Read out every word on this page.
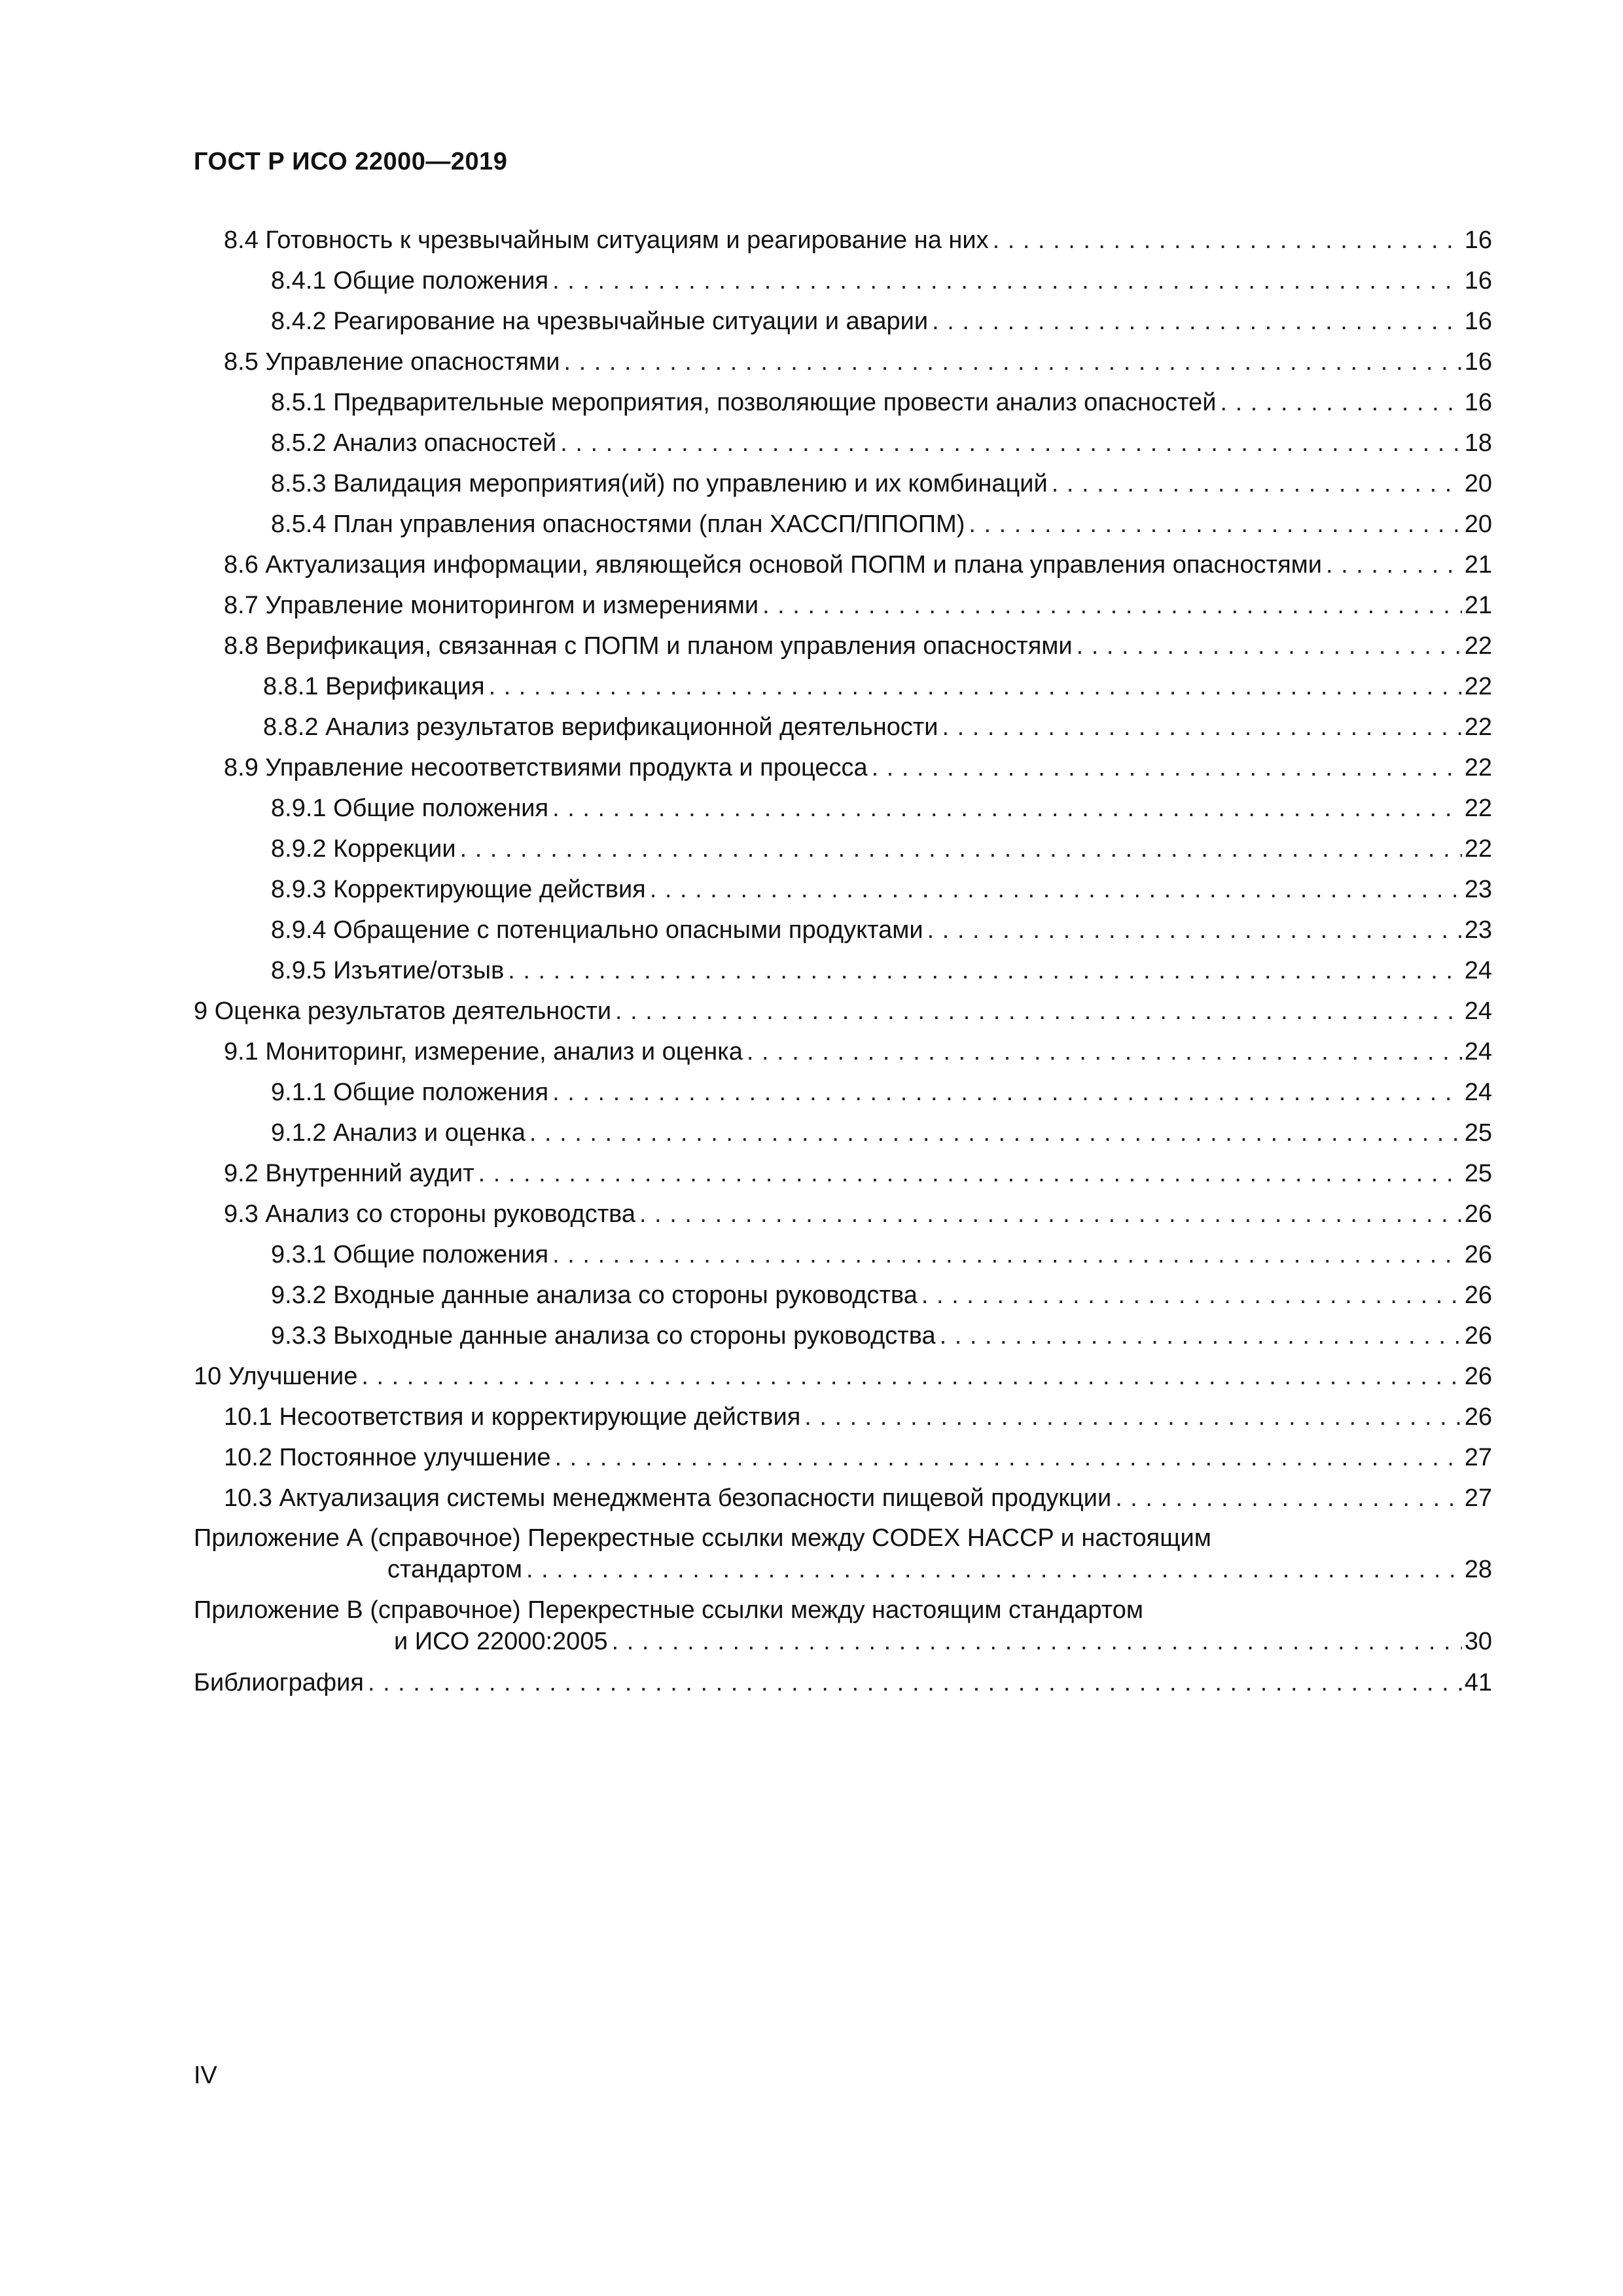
ГОСТ Р ИСО 22000—2019
8.4 Готовность к чрезвычайным ситуациям и реагирование на них . . .	16
8.4.1 Общие положения . . .	16
8.4.2 Реагирование на чрезвычайные ситуации и аварии . . .	16
8.5 Управление опасностями . . .	16
8.5.1 Предварительные мероприятия, позволяющие провести анализ опасностей . . .	16
8.5.2 Анализ опасностей . . .	18
8.5.3 Валидация мероприятия(ий) по управлению и их комбинаций . . .	20
8.5.4 План управления опасностями (план ХАССП/ППОПМ) . . .	20
8.6 Актуализация информации, являющейся основой ПОПМ и плана управления опасностями . . .	21
8.7 Управление мониторингом и измерениями . . .	21
8.8 Верификация, связанная с ПОПМ и планом управления опасностями . . .	22
8.8.1 Верификация . . .	22
8.8.2 Анализ результатов верификационной деятельности . . .	22
8.9 Управление несоответствиями продукта и процесса . . .	22
8.9.1 Общие положения . . .	22
8.9.2 Коррекции . . .	22
8.9.3 Корректирующие действия . . .	23
8.9.4 Обращение с потенциально опасными продуктами . . .	23
8.9.5 Изъятие/отзыв . . .	24
9 Оценка результатов деятельности . . .	24
9.1 Мониторинг, измерение, анализ и оценка . . .	24
9.1.1 Общие положения . . .	24
9.1.2 Анализ и оценка . . .	25
9.2 Внутренний аудит . . .	25
9.3 Анализ со стороны руководства . . .	26
9.3.1 Общие положения . . .	26
9.3.2 Входные данные анализа со стороны руководства . . .	26
9.3.3 Выходные данные анализа со стороны руководства . . .	26
10 Улучшение . . .	26
10.1 Несоответствия и корректирующие действия . . .	26
10.2 Постоянное улучшение . . .	27
10.3 Актуализация системы менеджмента безопасности пищевой продукции . . .	27
Приложение А (справочное) Перекрестные ссылки между CODEX HACCP и настоящим
стандартом . . .	28
Приложение В (справочное) Перекрестные ссылки между настоящим стандартом
и ИСО 22000:2005 . . .	30
Библиография . . .	41
IV
